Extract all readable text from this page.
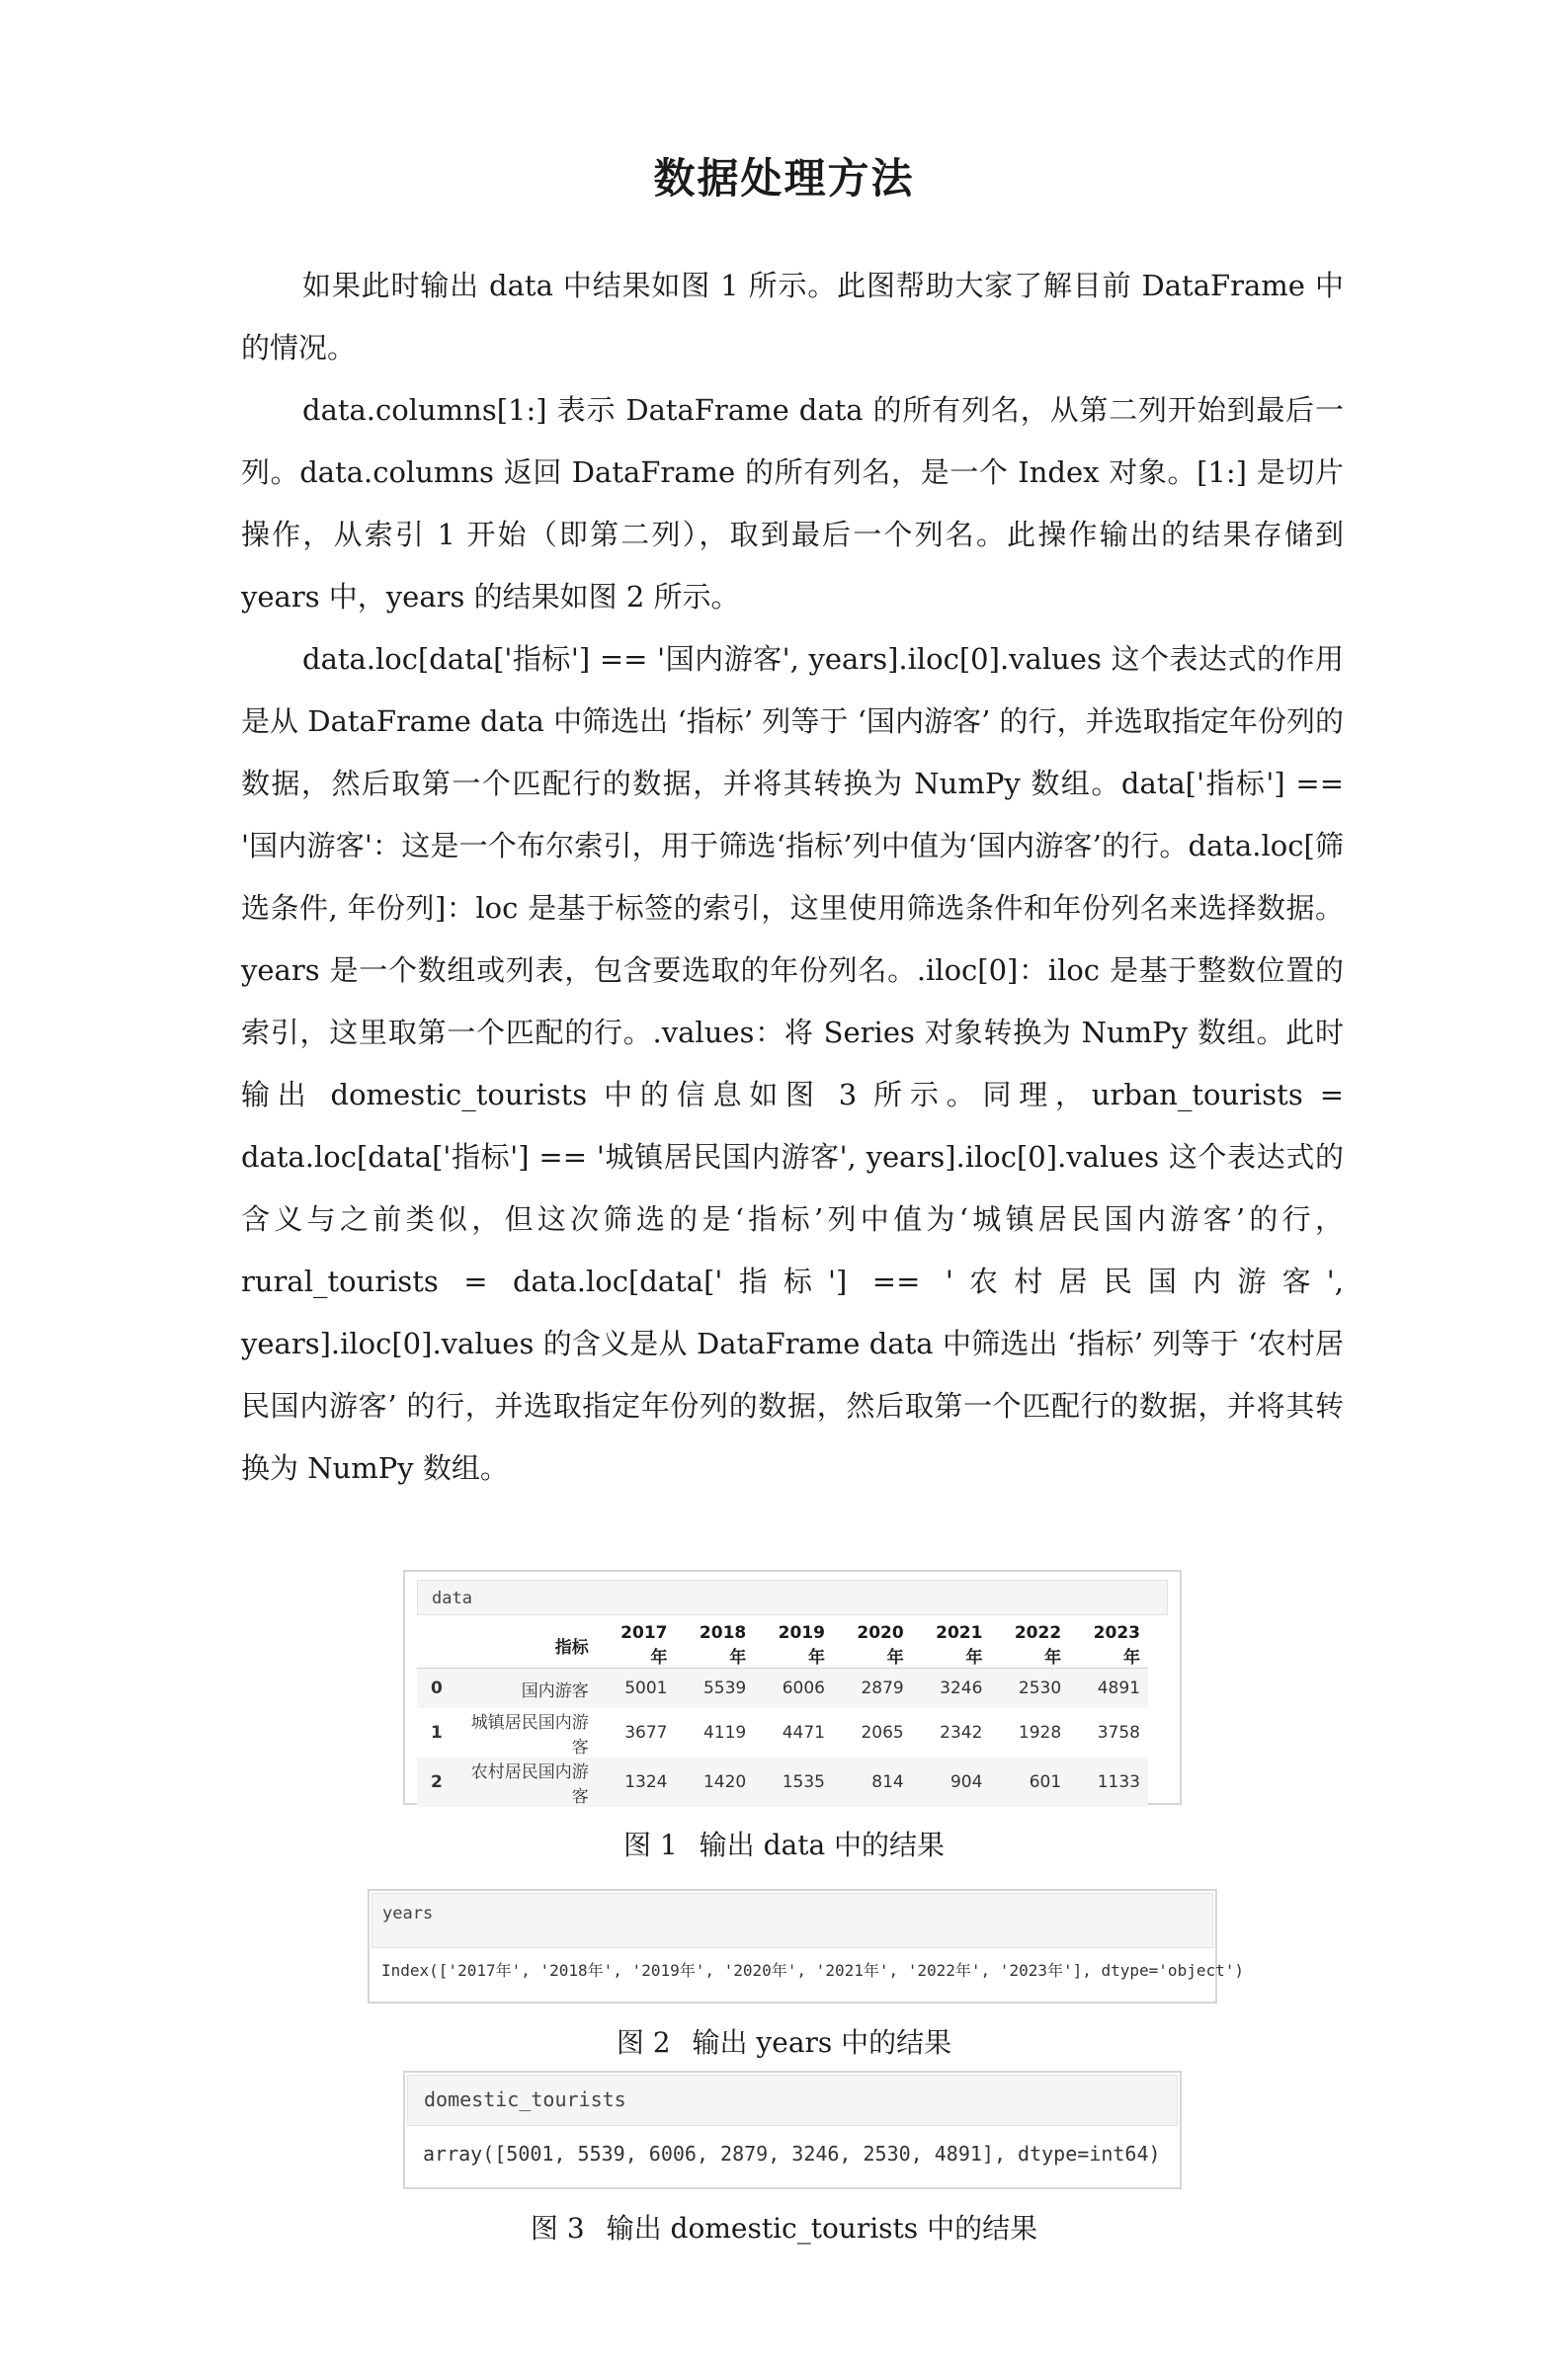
数据处理方法

如果此时输出 data 中结果如图 1 所示。此图帮助大家了解目前 DataFrame 中的情况。

data.columns[1:] 表示 DataFrame data 的所有列名，从第二列开始到最后一列。data.columns 返回 DataFrame 的所有列名，是一个 Index 对象。[1:] 是切片操作，从索引 1 开始（即第二列），取到最后一个列名。此操作输出的结果存储到 years 中，years 的结果如图 2 所示。

data.loc[data['指标'] == '国内游客', years].iloc[0].values 这个表达式的作用是从 DataFrame data 中筛选出 ‘指标’ 列等于 ‘国内游客’ 的行，并选取指定年份列的数据，然后取第一个匹配行的数据，并将其转换为 NumPy 数组。data['指标'] == '国内游客'：这是一个布尔索引，用于筛选‘指标’列中值为‘国内游客’的行。data.loc[筛选条件, 年份列]：loc 是基于标签的索引，这里使用筛选条件和年份列名来选择数据。years 是一个数组或列表，包含要选取的年份列名。.iloc[0]：iloc 是基于整数位置的索引，这里取第一个匹配的行。.values：将 Series 对象转换为 NumPy 数组。此时输出 domestic_tourists 中的信息如图 3 所示。同理，urban_tourists = data.loc[data['指标'] == '城镇居民国内游客', years].iloc[0].values 这个表达式的含义与之前类似，但这次筛选的是‘指标’列中值为‘城镇居民国内游客’的行，rural_tourists = data.loc[data['指标'] == '农村居民国内游客', years].iloc[0].values 的含义是从 DataFrame data 中筛选出 ‘指标’ 列等于 ‘农村居民国内游客’ 的行，并选取指定年份列的数据，然后取第一个匹配行的数据，并将其转换为 NumPy 数组。

data
	指标	2017年	2018年	2019年	2020年	2021年	2022年	2023年
0	国内游客	5001	5539	6006	2879	3246	2530	4891
1	城镇居民国内游客	3677	4119	4471	2065	2342	1928	3758
2	农村居民国内游客	1324	1420	1535	814	904	601	1133
图 1 输出 data 中的结果
years
Index(['2017年', '2018年', '2019年', '2020年', '2021年', '2022年', '2023年'], dtype='object')
图 2 输出 years 中的结果
domestic_tourists
array([5001, 5539, 6006, 2879, 3246, 2530, 4891], dtype=int64)
图 3 输出 domestic_tourists 中的结果
